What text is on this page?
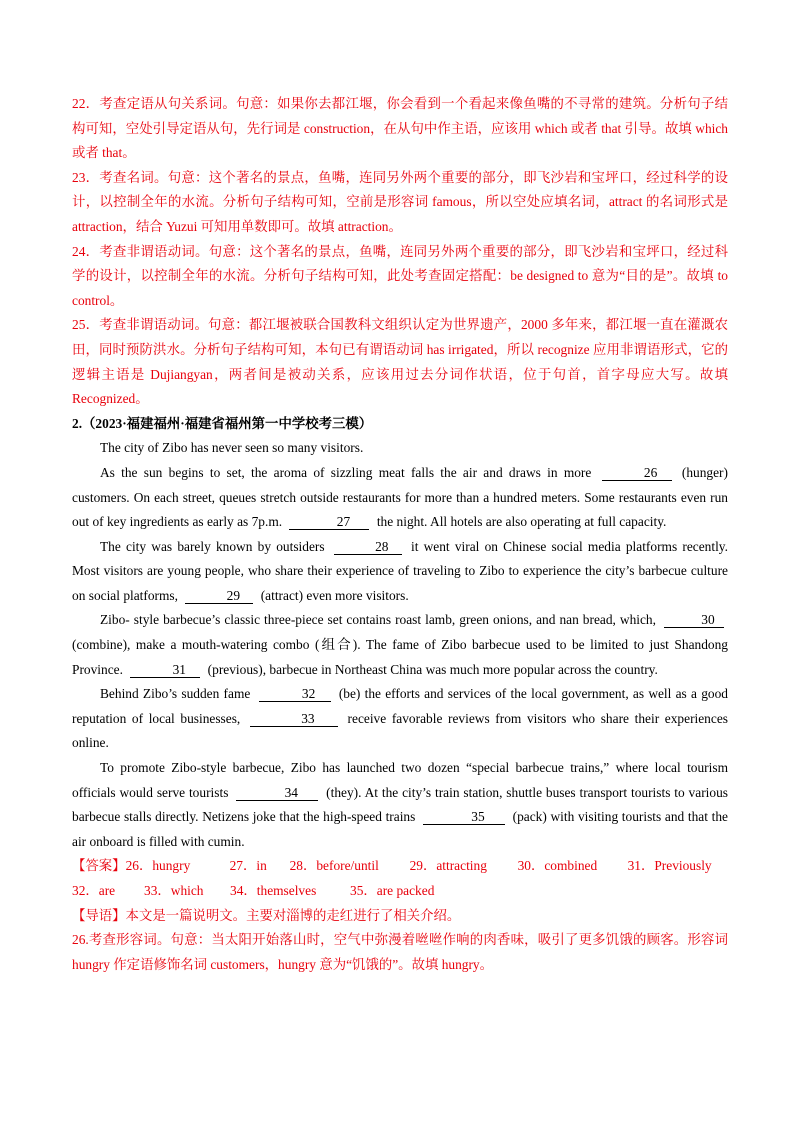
22．考查定语从句关系词。句意：如果你去都江堰，你会看到一个看起来像鱼嘴的不寻常的建筑。分析句子结构可知，空处引导定语从句，先行词是 construction，在从句中作主语，应该用 which 或者 that 引导。故填 which 或者 that。

23．考查名词。句意：这个著名的景点，鱼嘴，连同另外两个重要的部分，即飞沙岩和宝坪口，经过科学的设计，以控制全年的水流。分析句子结构可知，空前是形容词 famous，所以空处应填名词，attract 的名词形式是 attraction，结合 Yuzui 可知用单数即可。故填 attraction。

24．考查非谓语动词。句意：这个著名的景点，鱼嘴，连同另外两个重要的部分，即飞沙岩和宝坪口，经过科学的设计，以控制全年的水流。分析句子结构可知，此处考查固定搭配：be designed to 意为“目的是”。故填 to control。

25．考查非谓语动词。句意：都江堰被联合国教科文组织认定为世界遗产，2000 多年来，都江堰一直在灌溉农田，同时预防洪水。分析句子结构可知，本句已有谓语动词 has irrigated，所以 recognize 应用非谓语形式，它的逻辑主语是 Dujiangyan，两者间是被动关系，应该用过去分词作状语，位于句首，首字母应大写。故填 Recognized。

2.（2023·福建福州·福建省福州第一中学校考三模）

The city of Zibo has never seen so many visitors.

As the sun begins to set, the aroma of sizzling meat falls the air and draws in more	26 (hunger) customers. On each street, queues stretch outside restaurants for more than a hundred meters. Some restaurants even run out of key ingredients as early as 7p.m.	27 the night. All hotels are also operating at full capacity.

The city was barely known by outsiders	28 it went viral on Chinese social media platforms recently. Most visitors are young people, who share their experience of traveling to Zibo to experience the city’s barbecue culture on social platforms,	29 (attract) even more visitors.

Zibo- style barbecue’s classic three-piece set contains roast lamb, green onions, and nan bread, which,	30 (combine), make a mouth-watering combo (组合). The fame of Zibo barbecue used to be limited to just Shandong Province.	31 (previous), barbecue in Northeast China was much more popular across the country.

Behind Zibo’s sudden fame	32 (be) the efforts and services of the local government, as well as a good reputation of local businesses,	33 receive favorable reviews from visitors who share their experiences online.

To promote Zibo-style barbecue, Zibo has launched two dozen “special barbecue trains,” where local tourism officials would serve tourists	34 (they). At the city’s train station, shuttle buses transport tourists to various barbecue stalls directly. Netizens joke that the high-speed trains	35 (pack) with visiting tourists and that the air onboard is filled with cumin.

【答案】26．hungry	27．in 28．before/until 29．attracting 30．combined 31．Previously
32．are 33．which 34．themselves	35．are packed

【导语】本文是一篇说明文。主要对淄博的走红进行了相关介绍。

26.考查形容词。句意：当太阳开始落山时，空气中弥漫着咝咝作响的肉香味，吸引了更多饥饿的顾客。形容词 hungry 作定语修饰名词 customers，hungry 意为“饥饿的”。故填 hungry。
